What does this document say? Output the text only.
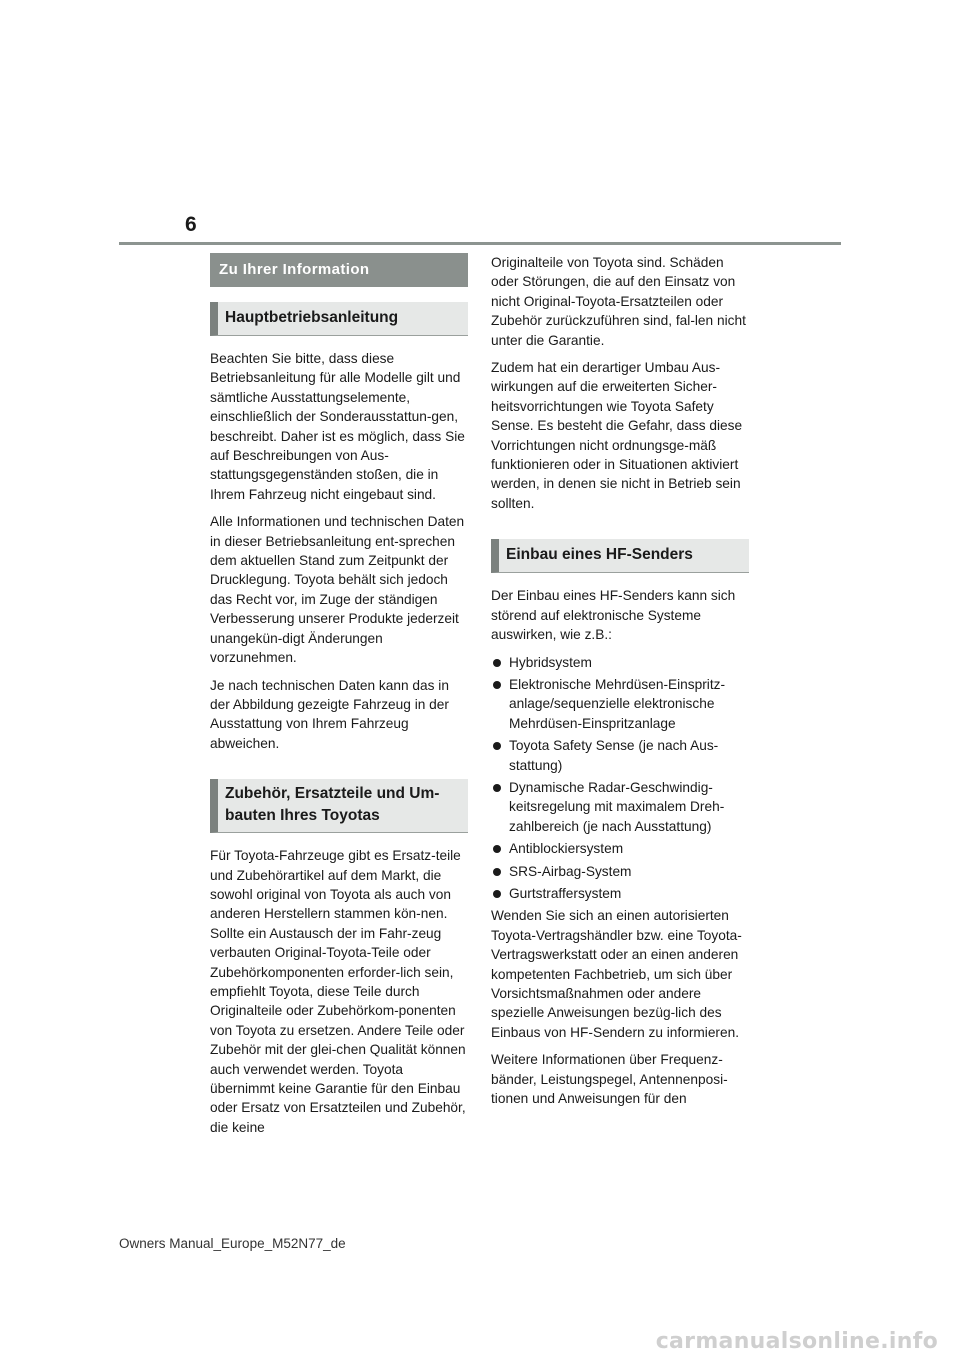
6
Zu Ihrer Information
Hauptbetriebsanleitung

Beachten Sie bitte, dass diese Betriebsanleitung für alle Modelle gilt und sämtliche Ausstattungselemente, einschließlich der Sonderausstattun-gen, beschreibt. Daher ist es möglich, dass Sie auf Beschreibungen von Aus-stattungsgegenständen stoßen, die in Ihrem Fahrzeug nicht eingebaut sind.

Alle Informationen und technischen Daten in dieser Betriebsanleitung ent-sprechen dem aktuellen Stand zum Zeitpunkt der Drucklegung. Toyota behält sich jedoch das Recht vor, im Zuge der ständigen Verbesserung unserer Produkte jederzeit unangekün-digt Änderungen vorzunehmen.

Je nach technischen Daten kann das in der Abbildung gezeigte Fahrzeug in der Ausstattung von Ihrem Fahrzeug abweichen.

Zubehör, Ersatzteile und Um-bauten Ihres Toyotas

Für Toyota-Fahrzeuge gibt es Ersatz-teile und Zubehörartikel auf dem Markt, die sowohl original von Toyota als auch von anderen Herstellern stammen kön-nen. Sollte ein Austausch der im Fahr-zeug verbauten Original-Toyota-Teile oder Zubehörkomponenten erforder-lich sein, empfiehlt Toyota, diese Teile durch Originalteile oder Zubehörkom-ponenten von Toyota zu ersetzen. Andere Teile oder Zubehör mit der glei-chen Qualität können auch verwendet werden. Toyota übernimmt keine Garantie für den Einbau oder Ersatz von Ersatzteilen und Zubehör, die keine

Originalteile von Toyota sind. Schäden oder Störungen, die auf den Einsatz von nicht Original-Toyota-Ersatzteilen oder Zubehör zurückzuführen sind, fal-len nicht unter die Garantie.

Zudem hat ein derartiger Umbau Aus-wirkungen auf die erweiterten Sicher-heitsvorrichtungen wie Toyota Safety Sense. Es besteht die Gefahr, dass diese Vorrichtungen nicht ordnungsge-mäß funktionieren oder in Situationen aktiviert werden, in denen sie nicht in Betrieb sein sollten.

Einbau eines HF-Senders

Der Einbau eines HF-Senders kann sich störend auf elektronische Systeme auswirken, wie z.B.:

Hybridsystem
Elektronische Mehrdüsen-Einspritz-anlage/sequenzielle elektronische Mehrdüsen-Einspritzanlage
Toyota Safety Sense (je nach Aus-stattung)
Dynamische Radar-Geschwindig-keitsregelung mit maximalem Dreh-zahlbereich (je nach Ausstattung)
Antiblockiersystem
SRS-Airbag-System
Gurtstraffersystem

Wenden Sie sich an einen autorisierten Toyota-Vertragshändler bzw. eine Toyota-Vertragswerkstatt oder an einen anderen kompetenten Fachbetrieb, um sich über Vorsichtsmaßnahmen oder andere spezielle Anweisungen bezüg-lich des Einbaus von HF-Sendern zu informieren.

Weitere Informationen über Frequenz-bänder, Leistungspegel, Antennenposi-tionen und Anweisungen für den

Owners Manual_Europe_M52N77_de
carmanualsonline.info
